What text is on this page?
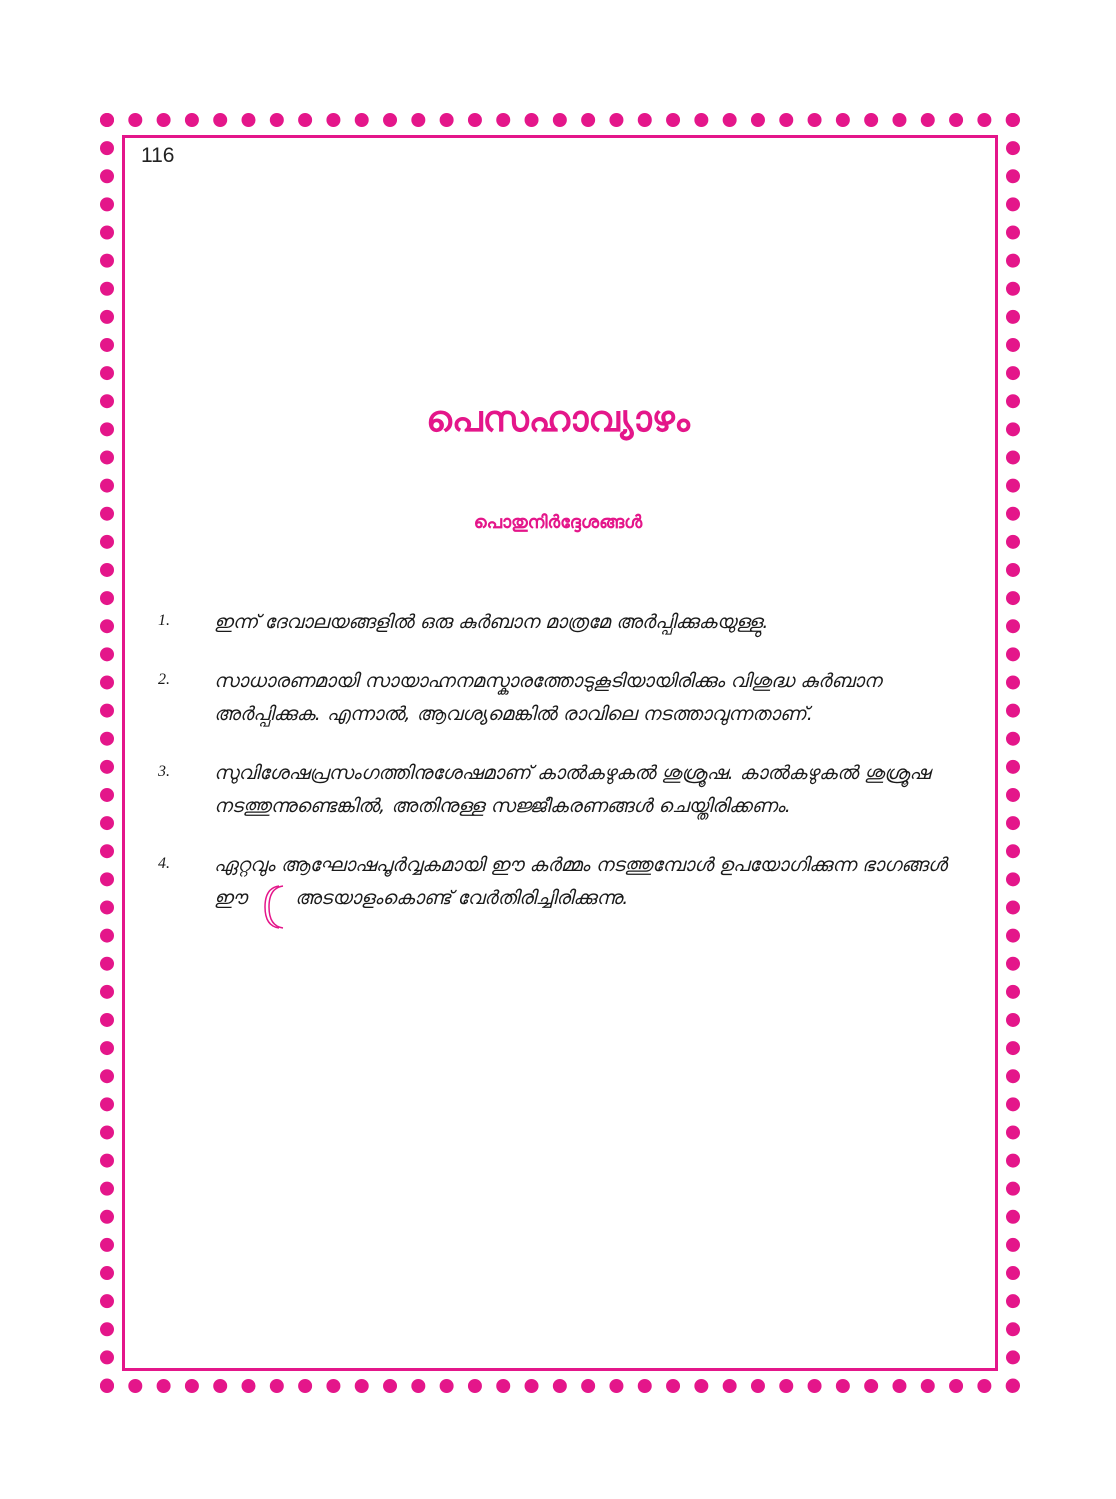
116
പെസഹാവ്യാഴം
പൊതുനിർദ്ദേശങ്ങൾ
1.	ഇന്ന് ദേവാലയങ്ങളിൽ ഒരു കുർബാന മാത്രമേ അർപ്പിക്കുകയുള്ളു.
2.	സാധാരണമായി സായാഹ്നനമസ്കാരത്തോടുകൂടിയായിരിക്കും വിശുദ്ധ കുർബാന അർപ്പിക്കുക. എന്നാൽ, ആവശ്യമെങ്കിൽ രാവിലെ നടത്താവുന്നതാണ്.
3.	സുവിശേഷപ്രസംഗത്തിനുശേഷമാണ് കാൽകഴുകൽ ശുശ്രൂഷ. കാൽകഴുകൽ ശുശ്രൂഷ നടത്തുന്നുണ്ടെങ്കിൽ, അതിനുള്ള സജ്ജീകരണങ്ങൾ ചെയ്തിരിക്കണം.
4.	ഏറ്റവും ആഘോഷപൂർവ്വകമായി ഈ കർമ്മം നടത്തുമ്പോൾ ഉപയോഗിക്കുന്ന ഭാഗങ്ങൾ ഈ	അടയാളംകൊണ്ട് വേർതിരിച്ചിരിക്കുന്നു.
